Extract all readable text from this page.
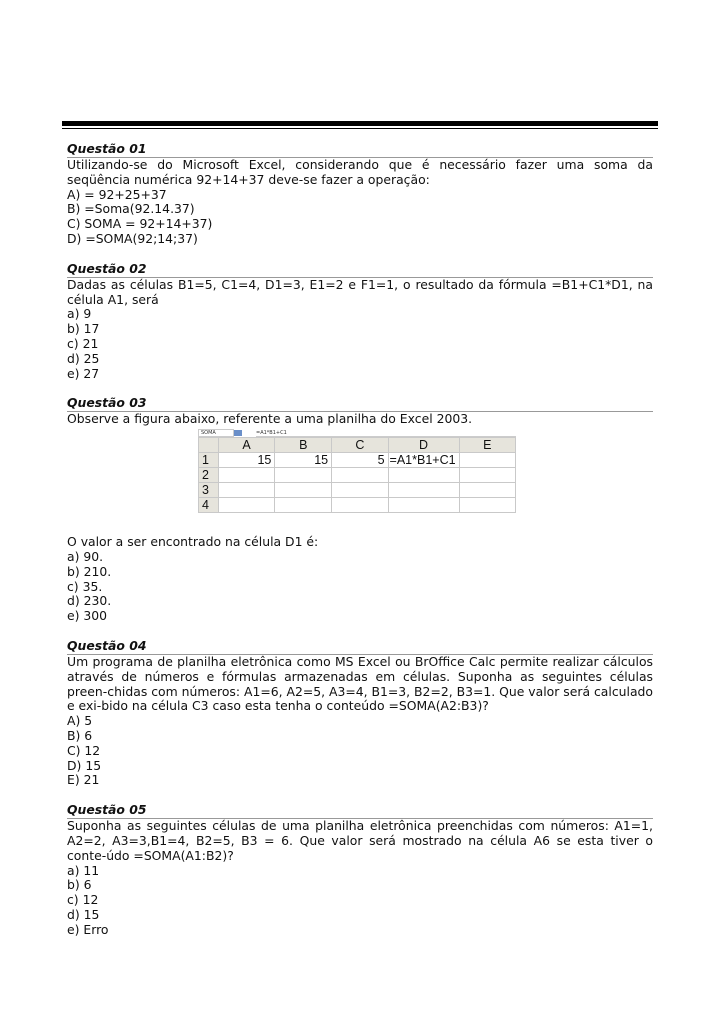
Questão 01
Utilizando-se do Microsoft Excel, considerando que é necessário fazer uma soma da seqüência numérica 92+14+37 deve-se fazer a operação:
A) = 92+25+37
B) =Soma(92.14.37)
C) SOMA = 92+14+37)
D) =SOMA(92;14;37)
Questão 02
Dadas as células B1=5, C1=4, D1=3, E1=2 e F1=1, o resultado da fórmula =B1+C1*D1, na célula A1, será
a) 9
b) 17
c) 21
d) 25
e) 27
Questão 03
Observe a figura abaixo, referente a uma planilha do Excel 2003.
SOMA	=A1*B1+C1
	A	B	C	D	E
1	15	15	5	=A1*B1+C1	
2					
3					
4					
O valor a ser encontrado na célula D1 é:
a) 90.
b) 210.
c) 35.
d) 230.
e) 300
Questão 04
Um programa de planilha eletrônica como MS Excel ou BrOffice Calc permite realizar cálculos através de números e fórmulas armazenadas em células. Suponha as seguintes células preen-chidas com números: A1=6, A2=5, A3=4, B1=3, B2=2, B3=1. Que valor será calculado e exi-bido na célula C3 caso esta tenha o conteúdo =SOMA(A2:B3)?
A) 5
B) 6
C) 12
D) 15
E) 21
Questão 05
Suponha as seguintes células de uma planilha eletrônica preenchidas com números: A1=1, A2=2, A3=3,B1=4, B2=5, B3 = 6. Que valor será mostrado na célula A6 se esta tiver o conte-údo =SOMA(A1:B2)?
a) 11
b) 6
c) 12
d) 15
e) Erro
